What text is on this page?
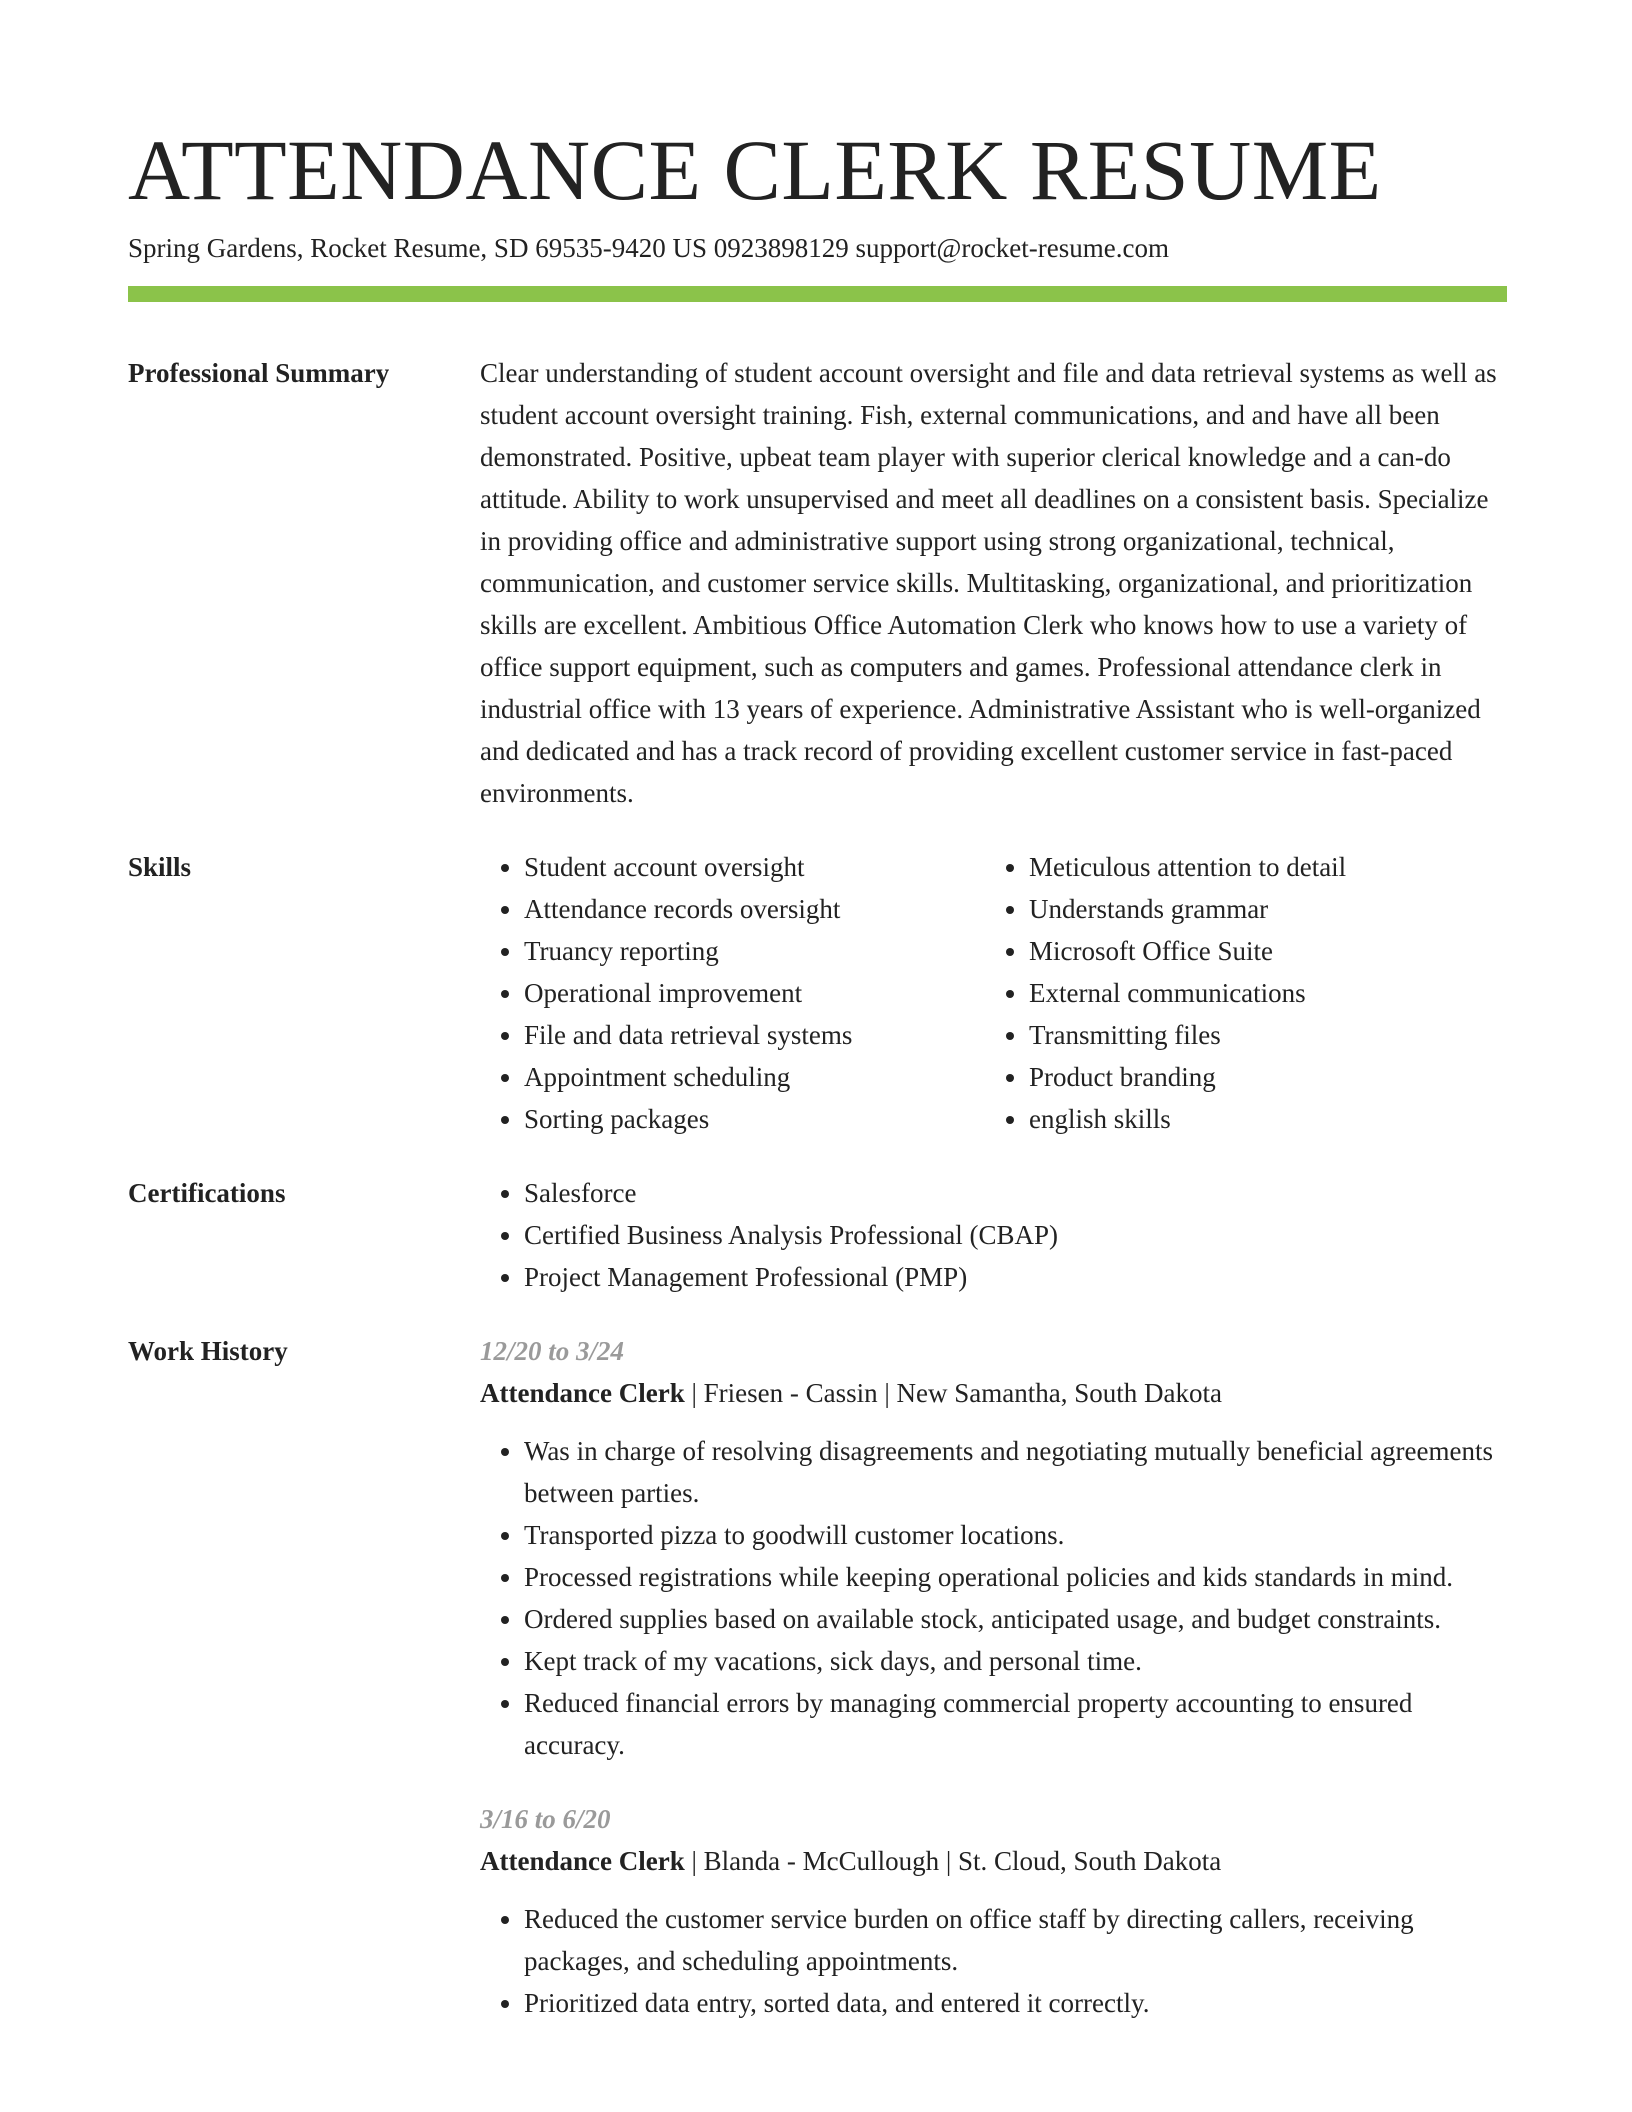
ATTENDANCE CLERK RESUME
Spring Gardens, Rocket Resume, SD 69535-9420 US 0923898129 support@rocket-resume.com
Professional Summary	Clear understanding of student account oversight and file and data retrieval systems as well as student account oversight training. Fish, external communications, and and have all been demonstrated. Positive, upbeat team player with superior clerical knowledge and a can-do attitude. Ability to work unsupervised and meet all deadlines on a consistent basis. Specialize in providing office and administrative support using strong organizational, technical, communication, and customer service skills. Multitasking, organizational, and prioritization skills are excellent. Ambitious Office Automation Clerk who knows how to use a variety of office support equipment, such as computers and games. Professional attendance clerk in industrial office with 13 years of experience. Administrative Assistant who is well-organized and dedicated and has a track record of providing excellent customer service in fast-paced environments.
Skills	• Student account oversight
• Attendance records oversight
• Truancy reporting
• Operational improvement
• File and data retrieval systems
• Appointment scheduling
• Sorting packages
• Meticulous attention to detail
• Understands grammar
• Microsoft Office Suite
• External communications
• Transmitting files
• Product branding
• english skills
Certifications	• Salesforce
• Certified Business Analysis Professional (CBAP)
• Project Management Professional (PMP)
Work History	12/20 to 3/24
Attendance Clerk | Friesen - Cassin | New Samantha, South Dakota
• Was in charge of resolving disagreements and negotiating mutually beneficial agreements between parties.
• Transported pizza to goodwill customer locations.
• Processed registrations while keeping operational policies and kids standards in mind.
• Ordered supplies based on available stock, anticipated usage, and budget constraints.
• Kept track of my vacations, sick days, and personal time.
• Reduced financial errors by managing commercial property accounting to ensured accuracy.
3/16 to 6/20
Attendance Clerk | Blanda - McCullough | St. Cloud, South Dakota
• Reduced the customer service burden on office staff by directing callers, receiving packages, and scheduling appointments.
• Prioritized data entry, sorted data, and entered it correctly.
